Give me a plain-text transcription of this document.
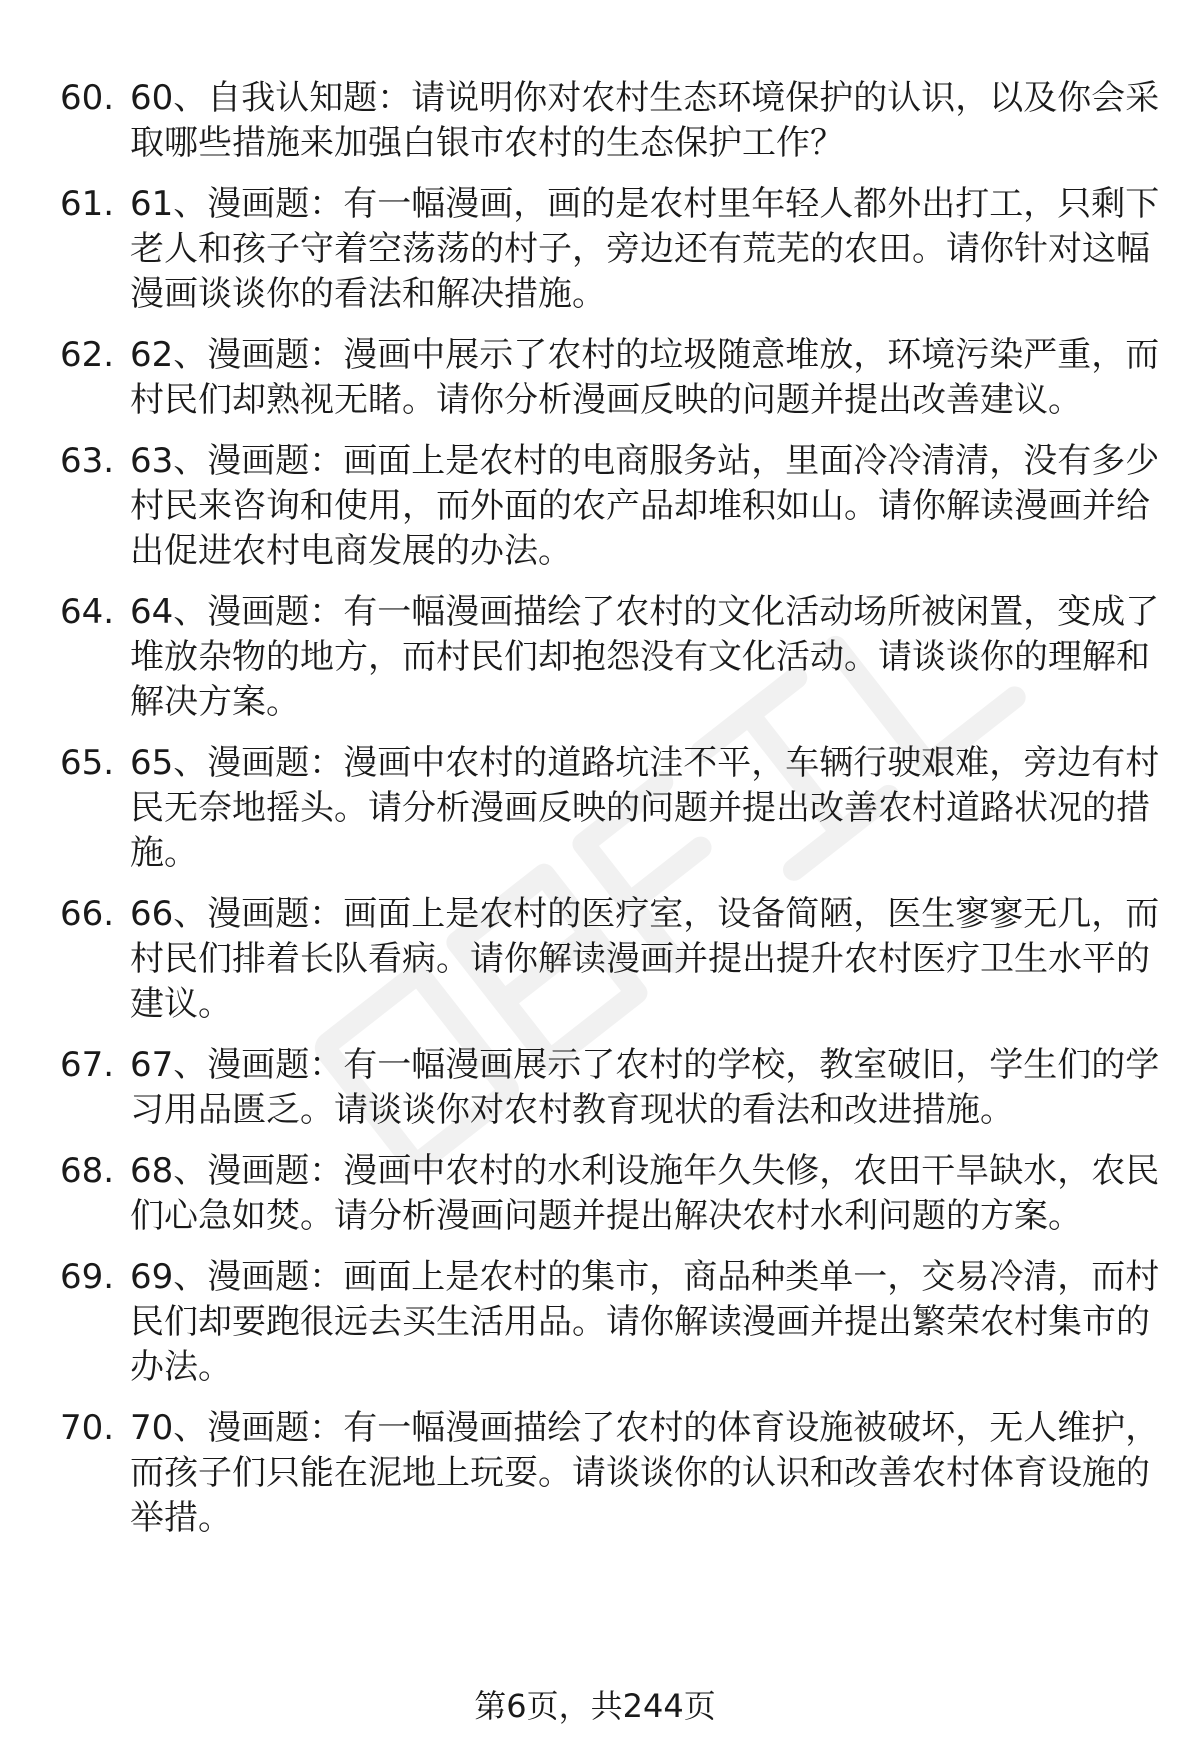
60. 60、自我认知题：请说明你对农村生态环境保护的认识，以及你会采取哪些措施来加强白银市农村的生态保护工作？
61. 61、漫画题：有一幅漫画，画的是农村里年轻人都外出打工，只剩下老人和孩子守着空荡荡的村子，旁边还有荒芜的农田。请你针对这幅漫画谈谈你的看法和解决措施。
62. 62、漫画题：漫画中展示了农村的垃圾随意堆放，环境污染严重，而村民们却熟视无睹。请你分析漫画反映的问题并提出改善建议。
63. 63、漫画题：画面上是农村的电商服务站，里面冷冷清清，没有多少村民来咨询和使用，而外面的农产品却堆积如山。请你解读漫画并给出促进农村电商发展的办法。
64. 64、漫画题：有一幅漫画描绘了农村的文化活动场所被闲置，变成了堆放杂物的地方，而村民们却抱怨没有文化活动。请谈谈你的理解和解决方案。
65. 65、漫画题：漫画中农村的道路坑洼不平，车辆行驶艰难，旁边有村民无奈地摇头。请分析漫画反映的问题并提出改善农村道路状况的措施。
66. 66、漫画题：画面上是农村的医疗室，设备简陋，医生寥寥无几，而村民们排着长队看病。请你解读漫画并提出提升农村医疗卫生水平的建议。
67. 67、漫画题：有一幅漫画展示了农村的学校，教室破旧，学生们的学习用品匮乏。请谈谈你对农村教育现状的看法和改进措施。
68. 68、漫画题：漫画中农村的水利设施年久失修，农田干旱缺水，农民们心急如焚。请分析漫画问题并提出解决农村水利问题的方案。
69. 69、漫画题：画面上是农村的集市，商品种类单一，交易冷清，而村民们却要跑很远去买生活用品。请你解读漫画并提出繁荣农村集市的办法。
70. 70、漫画题：有一幅漫画描绘了农村的体育设施被破坏，无人维护，而孩子们只能在泥地上玩耍。请谈谈你的认识和改善农村体育设施的举措。
第6页，共244页
